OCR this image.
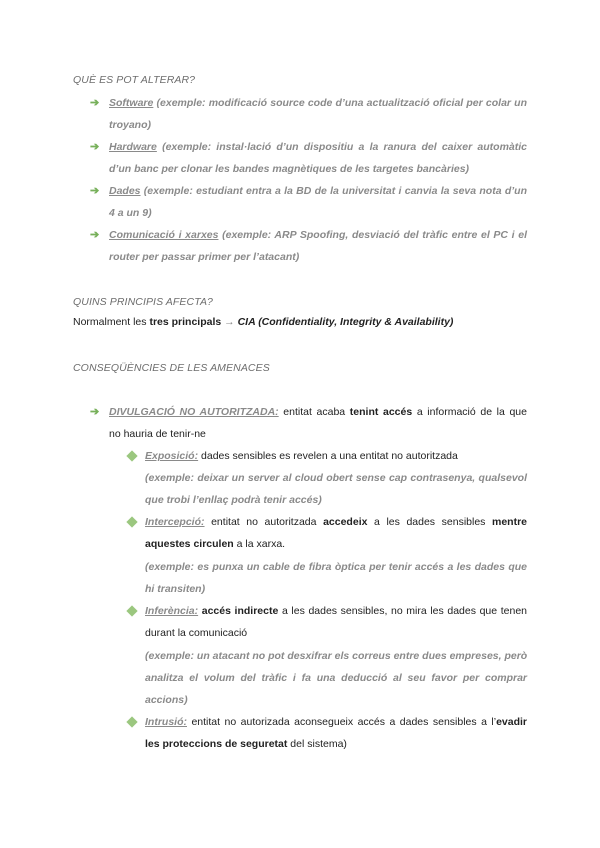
QUÈ ES POT ALTERAR?
➔ Software (exemple: modificació source code d’una actualització oficial per colar un
troyano)
➔ Hardware (exemple: instal·lació d’un dispositiu a la ranura del caixer automàtic
d’un banc per clonar les bandes magnètiques de les targetes bancàries)
➔ Dades (exemple: estudiant entra a la BD de la universitat i canvia la seva nota d’un
4 a un 9)
➔ Comunicació i xarxes (exemple: ARP Spoofing, desviació del tràfic entre el PC i el
router per passar primer per l’atacant)
QUINS PRINCIPIS AFECTA?
Normalment les tres principals → CIA (Confidentiality, Integrity & Availability)
CONSEQÜÈNCIES DE LES AMENACES
➔ DIVULGACIÓ NO AUTORITZADA: entitat acaba tenint accés a informació de la que
no hauria de tenir-ne
Exposició: dades sensibles es revelen a una entitat no autoritzada
(exemple: deixar un server al cloud obert sense cap contrasenya, qualsevol
que trobi l’enllaç podrà tenir accés)
Intercepció: entitat no autoritzada accedeix a les dades sensibles mentre
aquestes circulen a la xarxa.
(exemple: es punxa un cable de fibra òptica per tenir accés a les dades que
hi transiten)
Inferència: accés indirecte a les dades sensibles, no mira les dades que tenen
durant la comunicació
(exemple: un atacant no pot desxifrar els correus entre dues empreses, però
analitza el volum del tràfic i fa una deducció al seu favor per comprar
accions)
Intrusió: entitat no autorizada aconsegueix accés a dades sensibles a l’evadir
les proteccions de seguretat del sistema)
